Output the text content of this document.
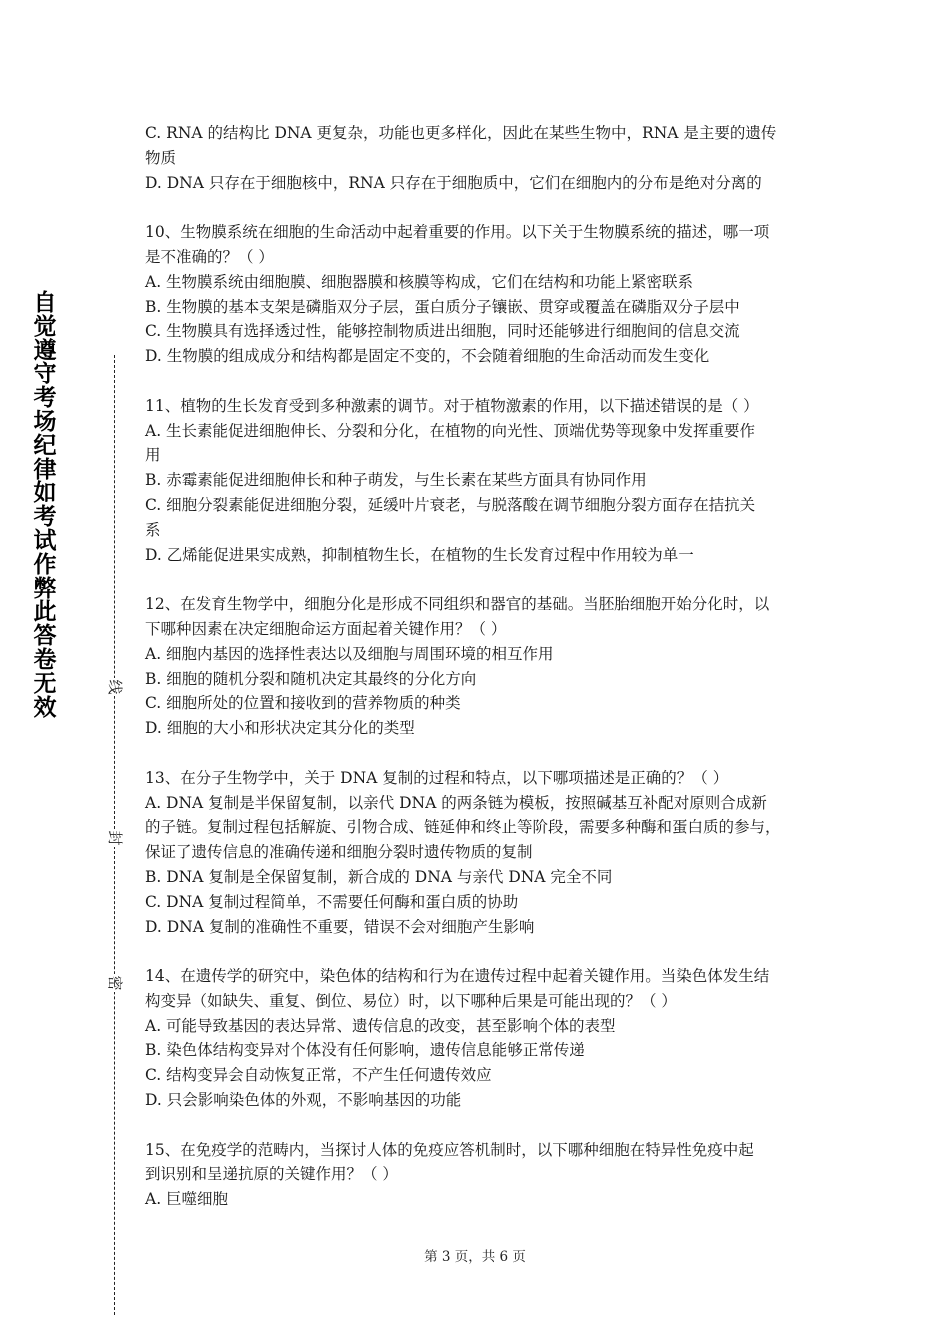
自
觉
遵
守
考
场
纪
律
如
考
试
作
弊
此
答
卷
无
效
线
封
密
C. RNA 的结构比 DNA 更复杂，功能也更多样化，因此在某些生物中，RNA 是主要的遗传
物质
D. DNA 只存在于细胞核中，RNA 只存在于细胞质中，它们在细胞内的分布是绝对分离的
10、生物膜系统在细胞的生命活动中起着重要的作用。以下关于生物膜系统的描述，哪一项
是不准确的？（ ）
A. 生物膜系统由细胞膜、细胞器膜和核膜等构成，它们在结构和功能上紧密联系
B. 生物膜的基本支架是磷脂双分子层，蛋白质分子镶嵌、贯穿或覆盖在磷脂双分子层中
C. 生物膜具有选择透过性，能够控制物质进出细胞，同时还能够进行细胞间的信息交流
D. 生物膜的组成成分和结构都是固定不变的，不会随着细胞的生命活动而发生变化
11、植物的生长发育受到多种激素的调节。对于植物激素的作用，以下描述错误的是（ ）
A. 生长素能促进细胞伸长、分裂和分化，在植物的向光性、顶端优势等现象中发挥重要作
用
B. 赤霉素能促进细胞伸长和种子萌发，与生长素在某些方面具有协同作用
C. 细胞分裂素能促进细胞分裂，延缓叶片衰老，与脱落酸在调节细胞分裂方面存在拮抗关
系
D. 乙烯能促进果实成熟，抑制植物生长，在植物的生长发育过程中作用较为单一
12、在发育生物学中，细胞分化是形成不同组织和器官的基础。当胚胎细胞开始分化时，以
下哪种因素在决定细胞命运方面起着关键作用？（ ）
A. 细胞内基因的选择性表达以及细胞与周围环境的相互作用
B. 细胞的随机分裂和随机决定其最终的分化方向
C. 细胞所处的位置和接收到的营养物质的种类
D. 细胞的大小和形状决定其分化的类型
13、在分子生物学中，关于 DNA 复制的过程和特点，以下哪项描述是正确的？（ ）
A. DNA 复制是半保留复制，以亲代 DNA 的两条链为模板，按照碱基互补配对原则合成新
的子链。复制过程包括解旋、引物合成、链延伸和终止等阶段，需要多种酶和蛋白质的参与，
保证了遗传信息的准确传递和细胞分裂时遗传物质的复制
B. DNA 复制是全保留复制，新合成的 DNA 与亲代 DNA 完全不同
C. DNA 复制过程简单，不需要任何酶和蛋白质的协助
D. DNA 复制的准确性不重要，错误不会对细胞产生影响
14、在遗传学的研究中，染色体的结构和行为在遗传过程中起着关键作用。当染色体发生结
构变异（如缺失、重复、倒位、易位）时，以下哪种后果是可能出现的？（ ）
A. 可能导致基因的表达异常、遗传信息的改变，甚至影响个体的表型
B. 染色体结构变异对个体没有任何影响，遗传信息能够正常传递
C. 结构变异会自动恢复正常，不产生任何遗传效应
D. 只会影响染色体的外观，不影响基因的功能
15、在免疫学的范畴内，当探讨人体的免疫应答机制时，以下哪种细胞在特异性免疫中起
到识别和呈递抗原的关键作用？（ ）
A. 巨噬细胞
第 3 页，共 6 页
